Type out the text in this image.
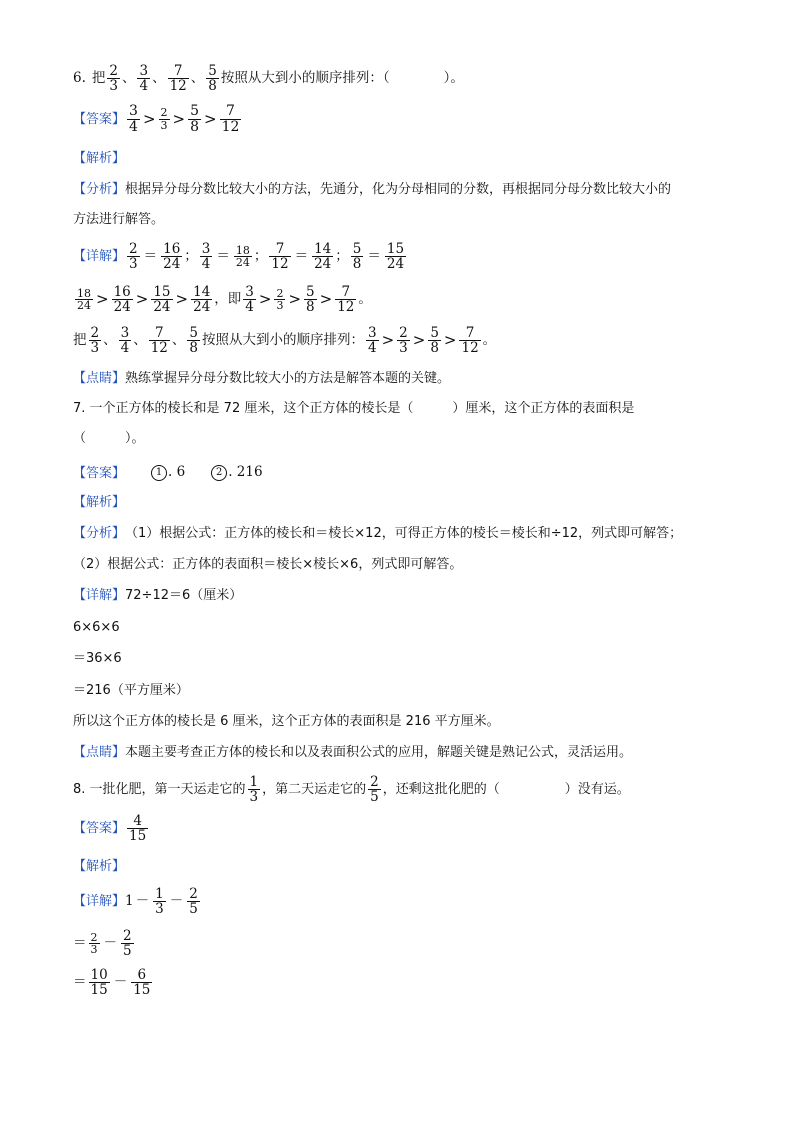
6. 把 $\frac{2}{3}$ 、 $\frac{3}{4}$ 、 $\frac{7}{12}$ 、 $\frac{5}{8}$ 按照从大到小的顺序排列：（　　　　）。
【答案】 $\frac{3}{4} > \frac{2}{3} > \frac{5}{8} > \frac{7}{12}$
【解析】
【分析】 根据异分母分数比较大小的方法，先通分，化为分母相同的分数，再根据同分母分数比较大小的
方法进行解答。
【详解】 $\frac{2}{3} = \frac{16}{24}$ ； $\frac{3}{4} = \frac{18}{24}$ ； $\frac{7}{12} = \frac{14}{24}$ ； $\frac{5}{8} = \frac{15}{24}$
$\frac{18}{24} > \frac{16}{24} > \frac{15}{24} > \frac{14}{24}$ ，即 $\frac{3}{4} > \frac{2}{3} > \frac{5}{8} > \frac{7}{12}$ 。
把 $\frac{2}{3}$ 、 $\frac{3}{4}$ 、 $\frac{7}{12}$ 、 $\frac{5}{8}$ 按照从大到小的顺序排列： $\frac{3}{4} > \frac{2}{3} > \frac{5}{8} > \frac{7}{12}$ 。
【点睛】 熟练掌握异分母分数比较大小的方法是解答本题的关键。
7. 一个正方体的棱长和是 72 厘米，这个正方体的棱长是（　　　）厘米，这个正方体的表面积是
（　　　）。
【答案】	1 . 6	2 . 216
【解析】
【分析】 （1）根据公式：正方体的棱长和＝棱长×12，可得正方体的棱长＝棱长和÷12，列式即可解答；
（2）根据公式：正方体的表面积＝棱长×棱长×6，列式即可解答。
【详解】 72÷12＝6（厘米）
6×6×6
＝36×6
＝216（平方厘米）
所以这个正方体的棱长是 6 厘米，这个正方体的表面积是 216 平方厘米。
【点睛】 本题主要考查正方体的棱长和以及表面积公式的应用，解题关键是熟记公式，灵活运用。
8. 一批化肥，第一天运走它的 $\frac{1}{3}$ ，第二天运走它的 $\frac{2}{5}$ ，还剩这批化肥的（　　　　　）没有运。
【答案】 $\frac{4}{15}$
【解析】
【详解】 $1 - \frac{1}{3} - \frac{2}{5}$
＝ $\frac{2}{3} - \frac{2}{5}$
＝ $\frac{10}{15} - \frac{6}{15}$
